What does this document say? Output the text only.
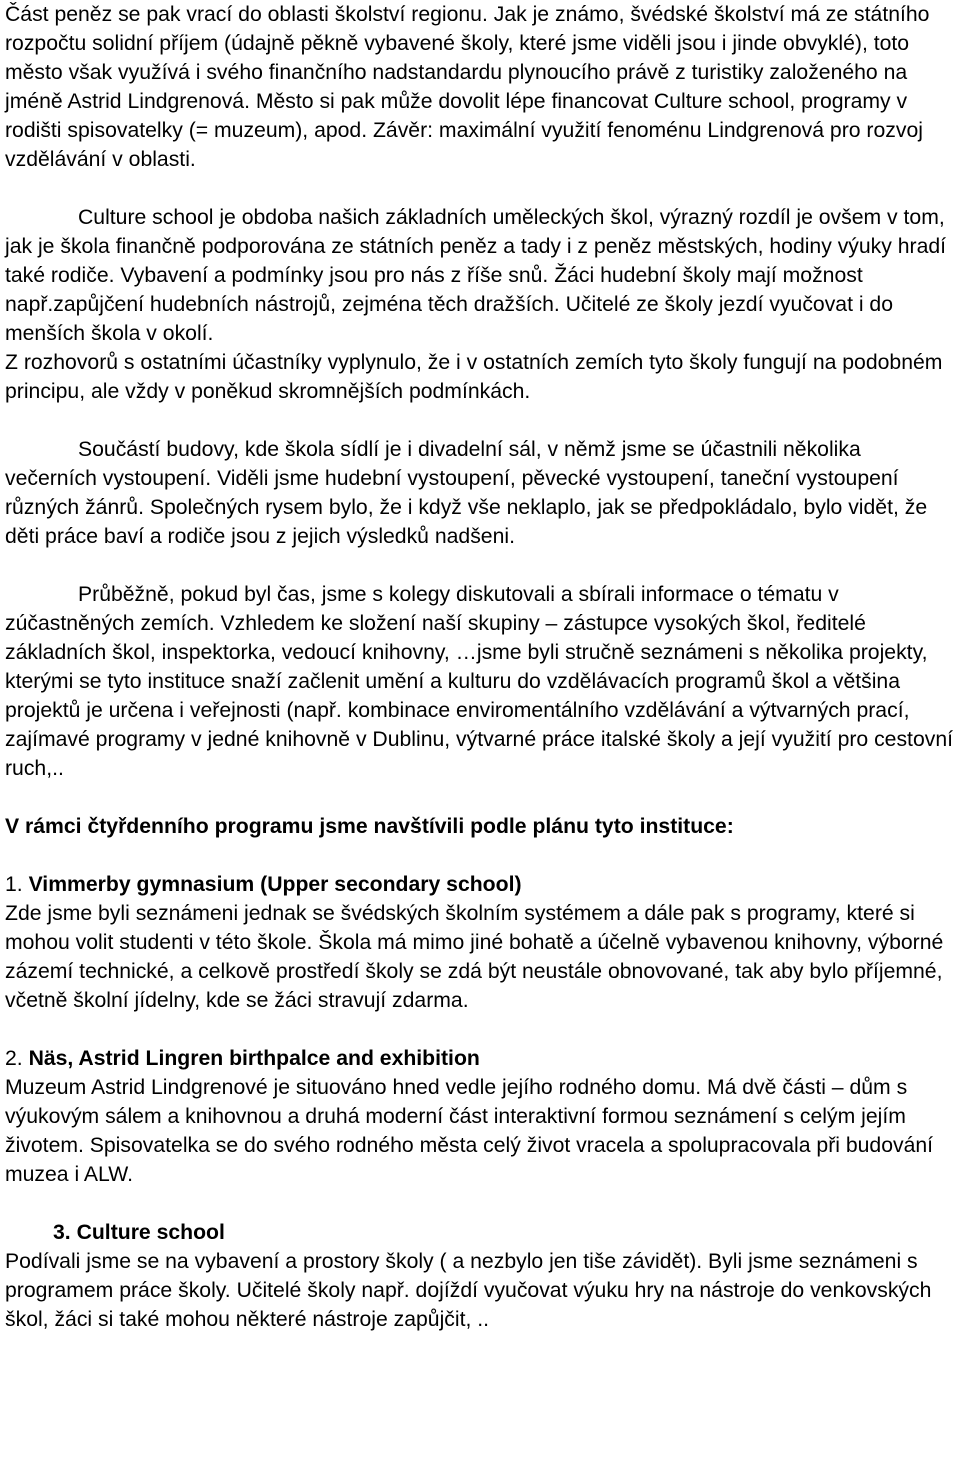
Část peněz se pak vrací do oblasti školství regionu. Jak je známo, švédské školství má ze státního rozpočtu solidní příjem (údajně pěkně vybavené školy, které jsme viděli jsou i jinde obvyklé), toto město však využívá i svého finančního nadstandardu plynoucího právě z turistiky založeného na jméně Astrid Lindgrenová. Město si pak může dovolit lépe financovat Culture school, programy v rodišti spisovatelky (= muzeum), apod. Závěr: maximální využití fenoménu Lindgrenová pro rozvoj vzdělávání v oblasti.

Culture school je obdoba našich základních uměleckých škol, výrazný rozdíl je ovšem v tom, jak je škola finančně podporována ze státních peněz a tady i z peněz městských, hodiny výuky hradí také rodiče. Vybavení a podmínky jsou pro nás z říše snů. Žáci hudební školy mají možnost např.zapůjčení hudebních nástrojů, zejména těch dražších. Učitelé ze školy jezdí vyučovat i do menších škola v okolí.

Z rozhovorů s ostatními účastníky vyplynulo, že i v ostatních zemích tyto školy fungují na podobném principu, ale vždy v poněkud skromnějších podmínkách.

Součástí budovy, kde škola sídlí je i divadelní sál, v němž jsme se účastnili několika večerních vystoupení. Viděli jsme hudební vystoupení, pěvecké vystoupení, taneční vystoupení různých žánrů. Společných rysem bylo, že i když vše neklaplo, jak se předpokládalo, bylo vidět, že děti práce baví a rodiče jsou z jejich výsledků nadšeni.

Průběžně, pokud byl čas, jsme s kolegy diskutovali a sbírali informace o tématu v zúčastněných zemích. Vzhledem ke složení naší skupiny – zástupce vysokých škol, ředitelé základních škol, inspektorka, vedoucí knihovny, …jsme byli stručně seznámeni s několika projekty, kterými se tyto instituce snaží začlenit umění a kulturu do vzdělávacích programů škol a většina projektů je určena i veřejnosti (např. kombinace enviromentálního vzdělávání a výtvarných prací, zajímavé programy v jedné knihovně v Dublinu, výtvarné práce italské školy a její využití pro cestovní ruch,..

V rámci čtyřdenního programu jsme navštívili podle plánu tyto instituce:

1. Vimmerby gymnasium (Upper secondary school)

Zde jsme byli seznámeni jednak se švédských školním systémem a dále pak s programy, které si mohou volit studenti v této škole. Škola má mimo jiné bohatě a účelně vybavenou knihovny, výborné zázemí technické, a celkově prostředí školy se zdá být neustále obnovované, tak aby bylo příjemné, včetně školní jídelny, kde se žáci stravují zdarma.

2. Näs, Astrid Lingren birthpalce and exhibition

Muzeum Astrid Lindgrenové je situováno hned vedle jejího rodného domu. Má dvě části – dům s výukovým sálem a knihovnou a druhá moderní část interaktivní formou seznámení s celým jejím životem. Spisovatelka se do svého rodného města celý život vracela a spolupracovala při budování muzea i ALW.

3. Culture school

Podívali jsme se na vybavení a prostory školy ( a nezbylo jen tiše závidět). Byli jsme seznámeni s programem práce školy. Učitelé školy např. dojíždí vyučovat výuku hry na nástroje do venkovských škol, žáci si také mohou některé nástroje zapůjčit, ..
